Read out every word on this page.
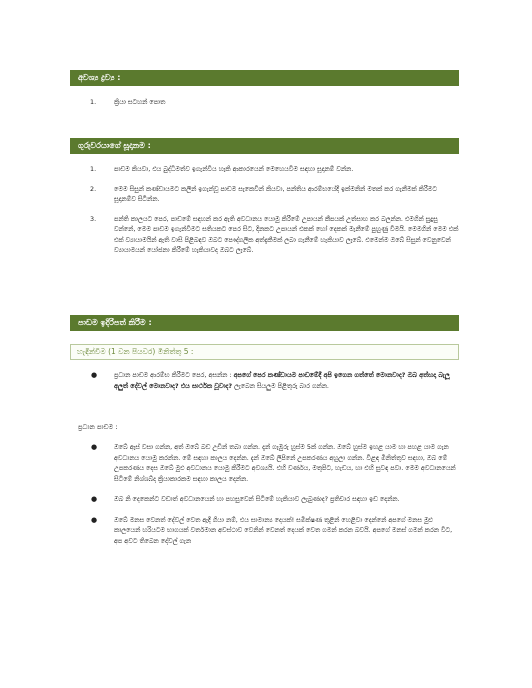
අවශ්‍ය ද්‍රව්‍ය :
1.	ක්‍රියා සටහන් පොත
ගුරුවරයාගේ සූදානම :
1.	පාඩම කියවා, එය බුද්ධිමත්ව ඉගැන්විය හැකි ආකාරයෙන් මෙහෙයවීම සඳහා සූදානම් වන්න.
2.	මෙම සිසුන් කණ්ඩායමට කලින් ඉගැන්වූ පාඩම සැකෙවින් කියවා, පන්තිය ආරම්භයේදී ඉක්මනින් මතක් කර ගැනීමක් කිරීමට සූදානම්ව සිටින්න.
3.	පන්ති කාලයට පෙර, පාඩමේ සඳහන් කර ඇති අවධානය යොමු කිරීමේ උපායන් කීපයක් උත්සාහ කර බලන්න. එමගින් සුදුසු වන්නේ, මෙම පාඩම ඉගැන්වීමට සතියකට පෙර සිට, දිනකට උපායන් එකක් හෝ දෙකක් මැනීමේ පුහුණු වීමයි. මෙමගින් මෙම එක් එක් ව්‍යායාමයින් ඇති වාසි පිළිබඳව ඔබට පෞද්ගලික අත්දැකීමක් ලබා ගැනීමේ හැකියාව ලැබේ. එමෙන්ම ඔබේ සිසුන් වෙනුවෙන් ව්‍යායාමයන් යෝජනා කිරීමේ හැකියාවද ඔබට ලැබේ.
පාඩම ඉදිරිපත් කිරීම :
හැඳින්වීම (1 වන පියවර) මිනිත්තු 5 :
●	ප්‍රධාන පාඩම ආරම්භ කිරීමට පෙර, අසන්න : අපගේ පෙර කණ්ඩායම පාඩමේදී අපි ඉගෙන ගත්තේ මොනවාද? ඔබ අත්හදා බැලූ අලුත් දේවල් මොනවාද? එය සාර්ථක වූවාද? ලැබෙන සියලුම පිළිතුරු බාර ගන්න.
ප්‍රධාන පාඩම :
●	ඔබේ ඇස් වසා ගන්න, අත් ඔබේ බඩ උඩින් තබා ගන්න. දැන් ගැඹුරු හුස්ම 5ක් ගන්න. ඔබේ හුස්ම ඉහළ යාම හා පහළ යාම ගැන අවධානය යොමු කරන්න. මේ සඳහා කාලය දෙන්න. දැන් ඔබේ ලිපිනේ උපකරණය අහුලා ගන්න. විළඳ මිනිත්තුව සඳහා, ඔබ මේ උපකරණය දෙස ඔබේ මුළු අවධානය යොමු කිරීමට අවශ්‍යයි. එහි වර්ණය, මතුපිට, හැඩය, හා එහි සුවඳ පවා. මෙම අවධානයෙන් සිටීමේ නිශ්ශබ්ද ක්‍රියාකාරකම සඳහා කාලය දෙන්න.
●	ඔබ නි දෙකෙන්ට වඩාත් අවධානයෙන් හා පහසුවෙන් සිටීමේ හැකියාව ලැබුණාද? ප්‍රතිචාර සඳහා ඉඩ දෙන්න.
●	ඔබේ මනස වෙනත් දේවල් වෙත ඇදී ගියා නම්, එය සාමාන්‍ය දෙයක්! සමීක්ෂණ තුළින් හෙළිවා දෙන්නේ අපගේ මනස මුළු කාලයෙන් හරියටම භාගයක් වර්තමාන අවස්ථාව වෙනින් වෙනත් දෙයක් වෙත ගමන් කරන බවයි. අපගේ මනස් ගමන් කරන විට, අප අවට තිබෙන දේවල් ගැන
